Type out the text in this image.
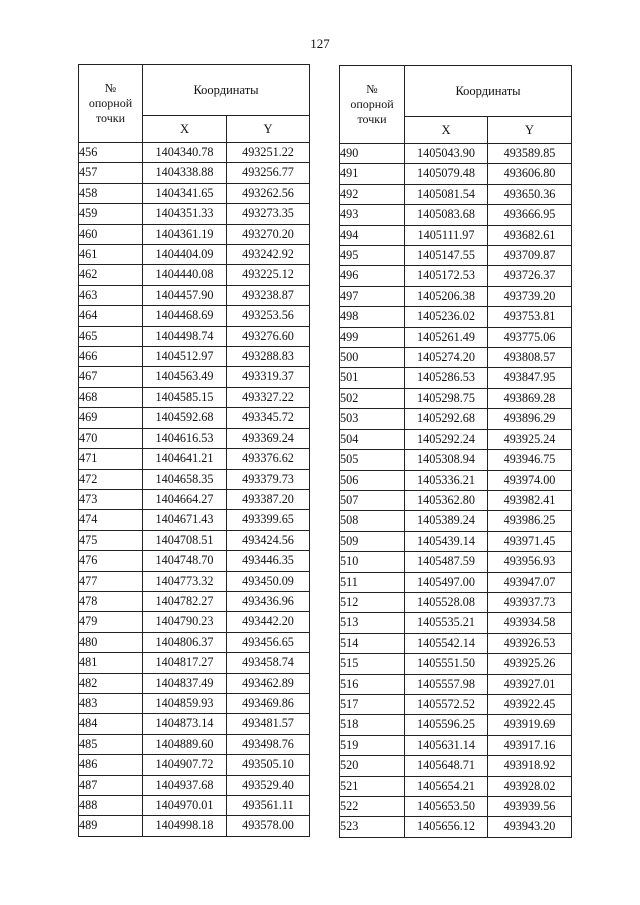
127
№
опорной
точки	Координаты	
	X	Y
456	1404340.78	493251.22
457	1404338.88	493256.77
458	1404341.65	493262.56
459	1404351.33	493273.35
460	1404361.19	493270.20
461	1404404.09	493242.92
462	1404440.08	493225.12
463	1404457.90	493238.87
464	1404468.69	493253.56
465	1404498.74	493276.60
466	1404512.97	493288.83
467	1404563.49	493319.37
468	1404585.15	493327.22
469	1404592.68	493345.72
470	1404616.53	493369.24
471	1404641.21	493376.62
472	1404658.35	493379.73
473	1404664.27	493387.20
474	1404671.43	493399.65
475	1404708.51	493424.56
476	1404748.70	493446.35
477	1404773.32	493450.09
478	1404782.27	493436.96
479	1404790.23	493442.20
480	1404806.37	493456.65
481	1404817.27	493458.74
482	1404837.49	493462.89
483	1404859.93	493469.86
484	1404873.14	493481.57
485	1404889.60	493498.76
486	1404907.72	493505.10
487	1404937.68	493529.40
488	1404970.01	493561.11
489	1404998.18	493578.00
№
опорной
точки	Координаты	
	X	Y
490	1405043.90	493589.85
491	1405079.48	493606.80
492	1405081.54	493650.36
493	1405083.68	493666.95
494	1405111.97	493682.61
495	1405147.55	493709.87
496	1405172.53	493726.37
497	1405206.38	493739.20
498	1405236.02	493753.81
499	1405261.49	493775.06
500	1405274.20	493808.57
501	1405286.53	493847.95
502	1405298.75	493869.28
503	1405292.68	493896.29
504	1405292.24	493925.24
505	1405308.94	493946.75
506	1405336.21	493974.00
507	1405362.80	493982.41
508	1405389.24	493986.25
509	1405439.14	493971.45
510	1405487.59	493956.93
511	1405497.00	493947.07
512	1405528.08	493937.73
513	1405535.21	493934.58
514	1405542.14	493926.53
515	1405551.50	493925.26
516	1405557.98	493927.01
517	1405572.52	493922.45
518	1405596.25	493919.69
519	1405631.14	493917.16
520	1405648.71	493918.92
521	1405654.21	493928.02
522	1405653.50	493939.56
523	1405656.12	493943.20
